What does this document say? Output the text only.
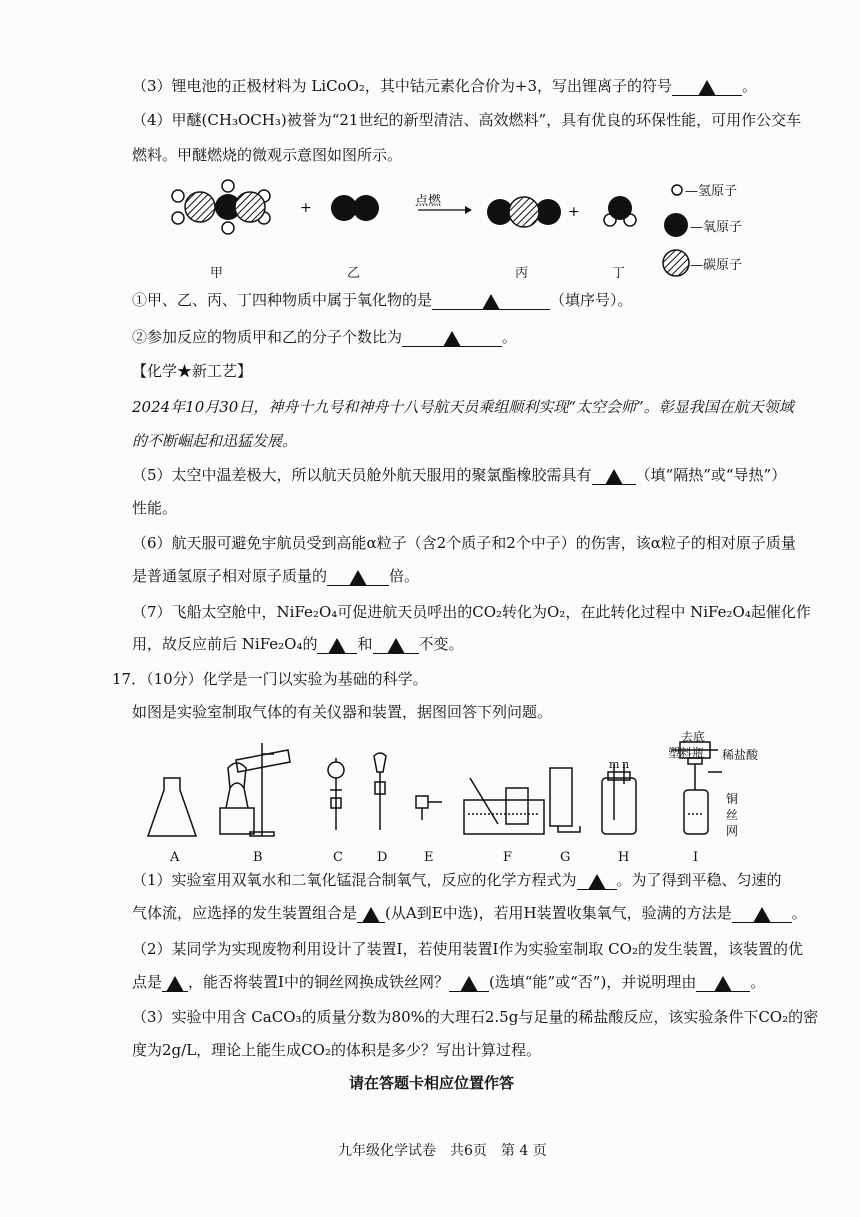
（3）锂电池的正极材料为 LiCoO₂，其中钴元素化合价为+3，写出锂离子的符号	。
（4）甲醚(CH₃OCH₃)被誉为“21世纪的新型清洁、高效燃料”，具有优良的环保性能，可用作公交车
燃料。甲醚燃烧的微观示意图如图所示。
+	+
点燃
甲	乙	丙	丁
—氢原子
—氧原子
—碳原子
①甲、乙、丙、丁四种物质中属于氧化物的是	（填序号）。
②参加反应的物质甲和乙的分子个数比为	。
【化学★新工艺】
2024年10月30日，神舟十九号和神舟十八号航天员乘组顺利实现“太空会师”。彰显我国在航天领域
的不断崛起和迅猛发展。
（5）太空中温差极大，所以航天员舱外航天服用的聚氯酯橡胶需具有	（填“隔热”或“导热”）
性能。
（6）航天服可避免宇航员受到高能α粒子（含2个质子和2个中子）的伤害，该α粒子的相对原子质量
是普通氢原子相对原子质量的	倍。
（7）飞船太空舱中，NiFe₂O₄可促进航天员呼出的CO₂转化为O₂，在此转化过程中 NiFe₂O₄起催化作
用，故反应前后 NiFe₂O₄的	和	不变。
17．（10分）化学是一门以实验为基础的科学。
如图是实验室制取气体的有关仪器和装置，据图回答下列问题。
A	B	C	D	E	F	G	H	I
去底
塑料瓶 稀盐酸
铜
丝
网
m n
（1）实验室用双氧水和二氧化锰混合制氧气，反应的化学方程式为	。为了得到平稳、匀速的
气体流，应选择的发生装置组合是 (从A到E中选)，若用H装置收集氧气，验满的方法是	。
（2）某同学为实现废物利用设计了装置I，若使用装置I作为实验室制取 CO₂的发生装置，该装置的优
点是 ，能否将装置I中的铜丝网换成铁丝网？	(选填“能”或“否”)，并说明理由	。
（3）实验中用含 CaCO₃的质量分数为80%的大理石2.5g与足量的稀盐酸反应，该实验条件下CO₂的密
度为2g/L，理论上能生成CO₂的体积是多少？写出计算过程。
请在答题卡相应位置作答
九年级化学试卷　共6页　第 4 页
